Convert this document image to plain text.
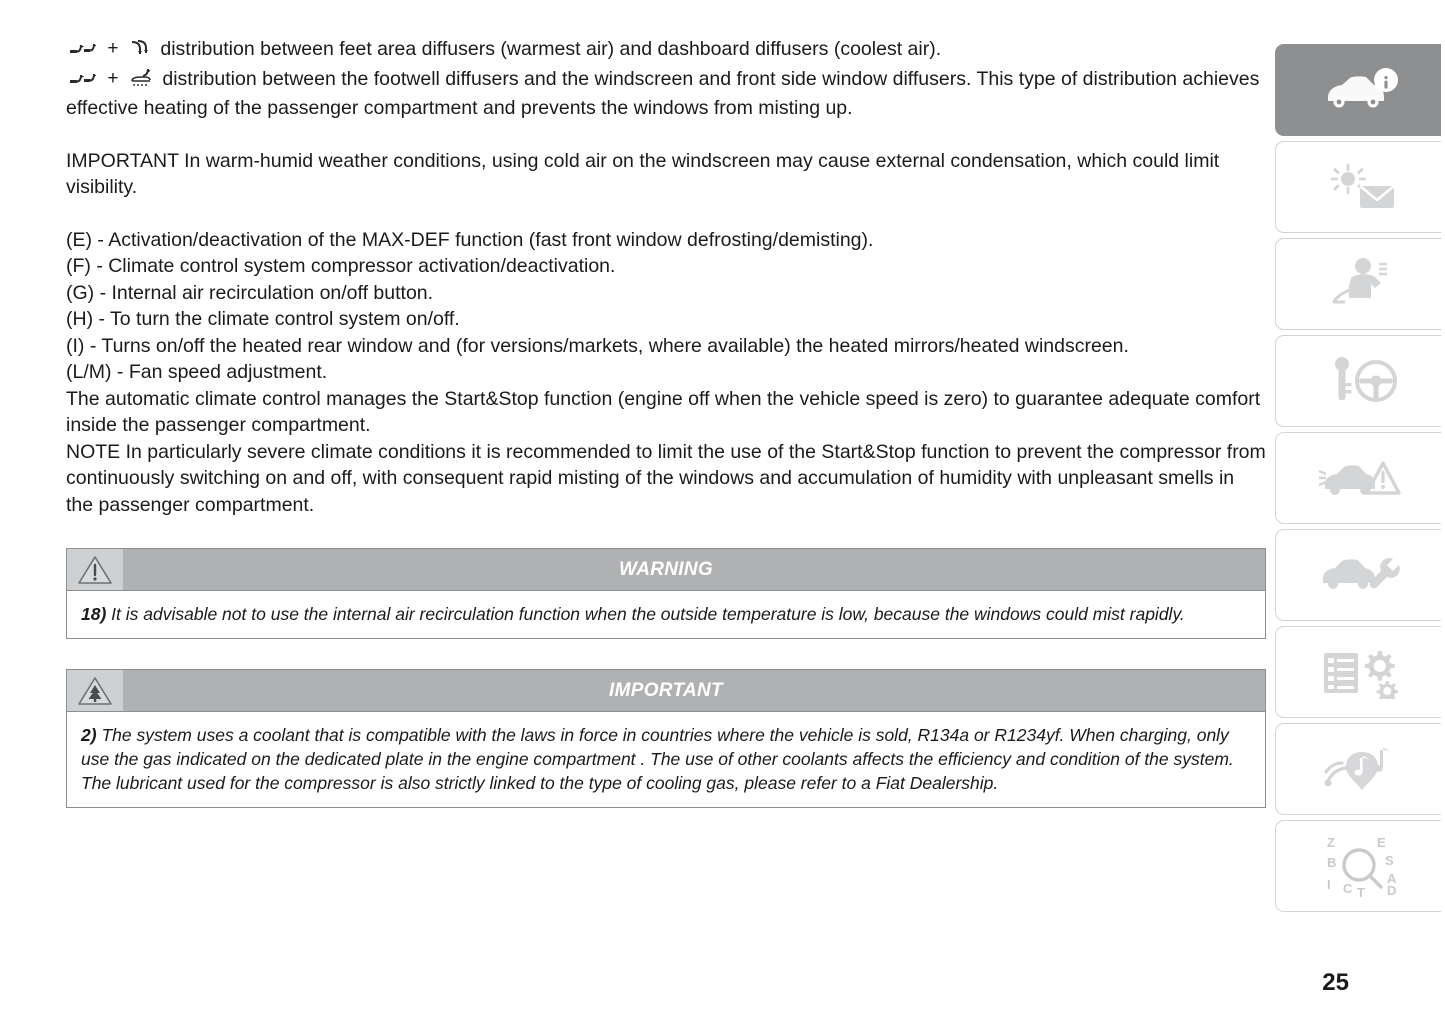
+ distribution between feet area diffusers (warmest air) and dashboard diffusers (coolest air).

+ distribution between the footwell diffusers and the windscreen and front side window diffusers. This type of distribution achieves effective heating of the passenger compartment and prevents the windows from misting up.

IMPORTANT In warm-humid weather conditions, using cold air on the windscreen may cause external condensation, which could limit visibility.

(E) - Activation/deactivation of the MAX-DEF function (fast front window defrosting/demisting).

(F) - Climate control system compressor activation/deactivation.

(G) - Internal air recirculation on/off button.

(H) - To turn the climate control system on/off.

(I) - Turns on/off the heated rear window and (for versions/markets, where available) the heated mirrors/heated windscreen.

(L/M) - Fan speed adjustment.

The automatic climate control manages the Start&Stop function (engine off when the vehicle speed is zero) to guarantee adequate comfort inside the passenger compartment.

NOTE In particularly severe climate conditions it is recommended to limit the use of the Start&Stop function to prevent the compressor from continuously switching on and off, with consequent rapid misting of the windows and accumulation of humidity with unpleasant smells in the passenger compartment.

WARNING
18) It is advisable not to use the internal air recirculation function when the outside temperature is low, because the windows could mist rapidly.
IMPORTANT
2) The system uses a coolant that is compatible with the laws in force in countries where the vehicle is sold, R134a or R1234yf. When charging, only use the gas indicated on the dedicated plate in the engine compartment . The use of other coolants affects the efficiency and condition of the system. The lubricant used for the compressor is also strictly linked to the type of cooling gas, please refer to a Fiat Dealership.
Z
B
I C T
E
S
A
D
25
